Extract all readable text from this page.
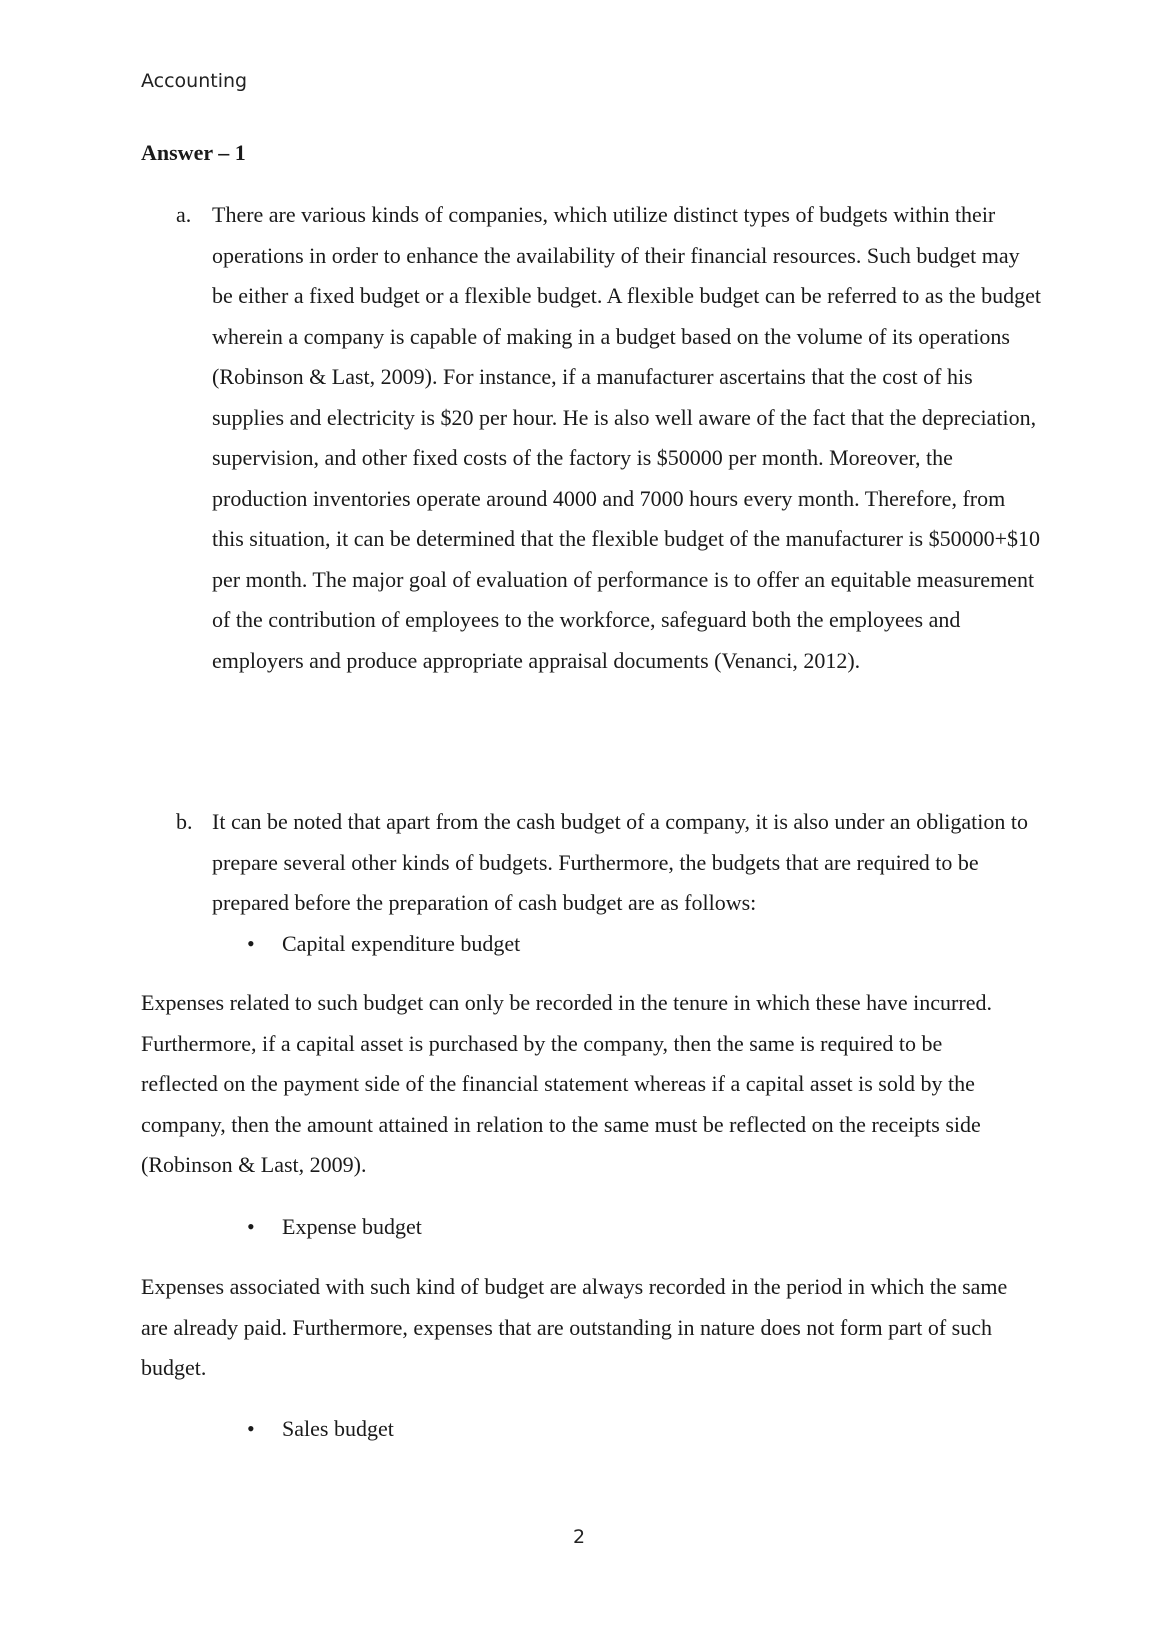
Accounting
Answer – 1
a. There are various kinds of companies, which utilize distinct types of budgets within their operations in order to enhance the availability of their financial resources. Such budget may be either a fixed budget or a flexible budget. A flexible budget can be referred to as the budget wherein a company is capable of making in a budget based on the volume of its operations (Robinson & Last, 2009). For instance, if a manufacturer ascertains that the cost of his supplies and electricity is $20 per hour. He is also well aware of the fact that the depreciation, supervision, and other fixed costs of the factory is $50000 per month. Moreover, the production inventories operate around 4000 and 7000 hours every month. Therefore, from this situation, it can be determined that the flexible budget of the manufacturer is $50000+$10 per month. The major goal of evaluation of performance is to offer an equitable measurement of the contribution of employees to the workforce, safeguard both the employees and employers and produce appropriate appraisal documents (Venanci, 2012).
b. It can be noted that apart from the cash budget of a company, it is also under an obligation to prepare several other kinds of budgets. Furthermore, the budgets that are required to be prepared before the preparation of cash budget are as follows:
• Capital expenditure budget
Expenses related to such budget can only be recorded in the tenure in which these have incurred. Furthermore, if a capital asset is purchased by the company, then the same is required to be reflected on the payment side of the financial statement whereas if a capital asset is sold by the company, then the amount attained in relation to the same must be reflected on the receipts side (Robinson & Last, 2009).
• Expense budget
Expenses associated with such kind of budget are always recorded in the period in which the same are already paid. Furthermore, expenses that are outstanding in nature does not form part of such budget.
• Sales budget
2
